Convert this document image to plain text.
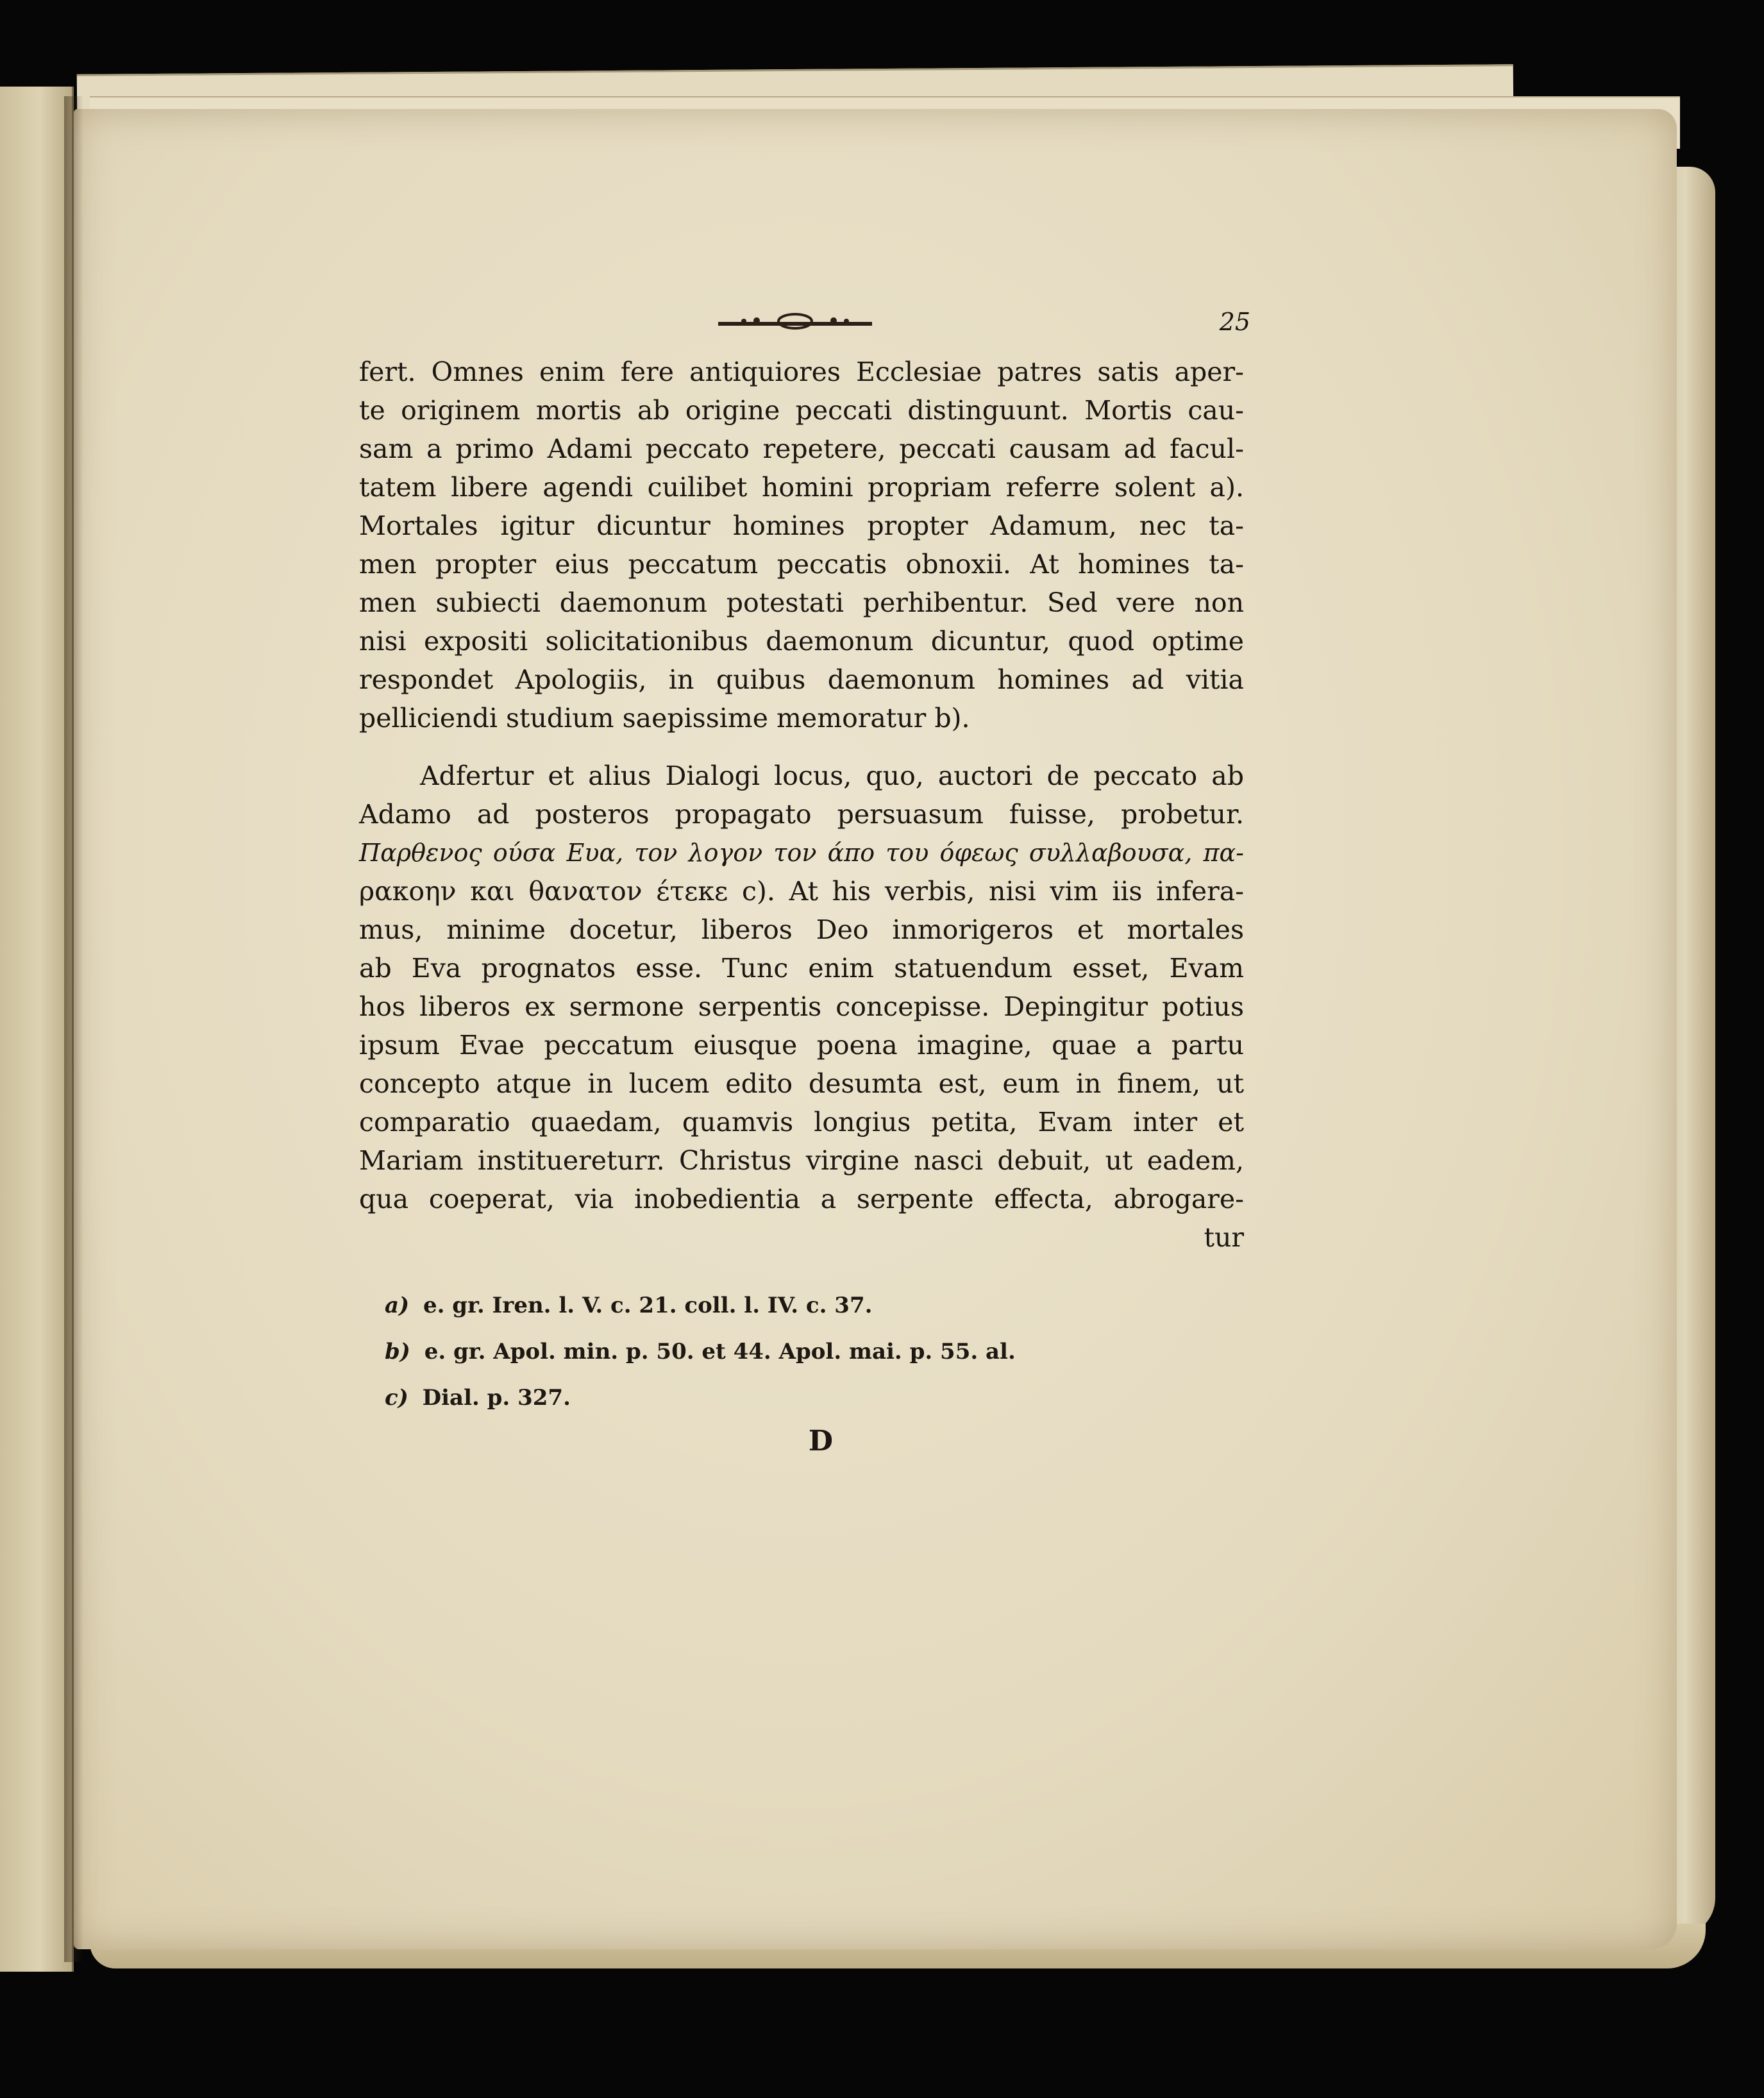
25
fert. Omnes enim fere antiquiores Ecclesiae patres satis aper-
te originem mortis ab origine peccati distinguunt. Mortis cau-
sam a primo Adami peccato repetere, peccati causam ad facul-
tatem libere agendi cuilibet homini propriam referre solent a).
Mortales igitur dicuntur homines propter Adamum, nec ta-
men propter eius peccatum peccatis obnoxii. At homines ta-
men subiecti daemonum potestati perhibentur. Sed vere non
nisi expositi solicitationibus daemonum dicuntur, quod optime
respondet Apologiis, in quibus daemonum homines ad vitia
pelliciendi studium saepissime memoratur b).
Adfertur et alius Dialogi locus, quo, auctori de peccato ab
Adamo ad posteros propagato persuasum fuisse, probetur.
Παρθενος ούσα Ευα, τον λογον τον άπο του όφεως συλλαβουσα, πα-
ρακοην και θανατον έτεκε c). At his verbis, nisi vim iis infera-
mus, minime docetur, liberos Deo inmorigeros et mortales
ab Eva prognatos esse. Tunc enim statuendum esset, Evam
hos liberos ex sermone serpentis concepisse. Depingitur potius
ipsum Evae peccatum eiusque poena imagine, quae a partu
concepto atque in lucem edito desumta est, eum in finem, ut
comparatio quaedam, quamvis longius petita, Evam inter et
Mariam instituereturr. Christus virgine nasci debuit, ut eadem,
qua coeperat, via inobedientia a serpente effecta, abrogare-
tur
a) e. gr. Iren. l. V. c. 21. coll. l. IV. c. 37.
b) e. gr. Apol. min. p. 50. et 44. Apol. mai. p. 55. al.
c) Dial. p. 327.
D
